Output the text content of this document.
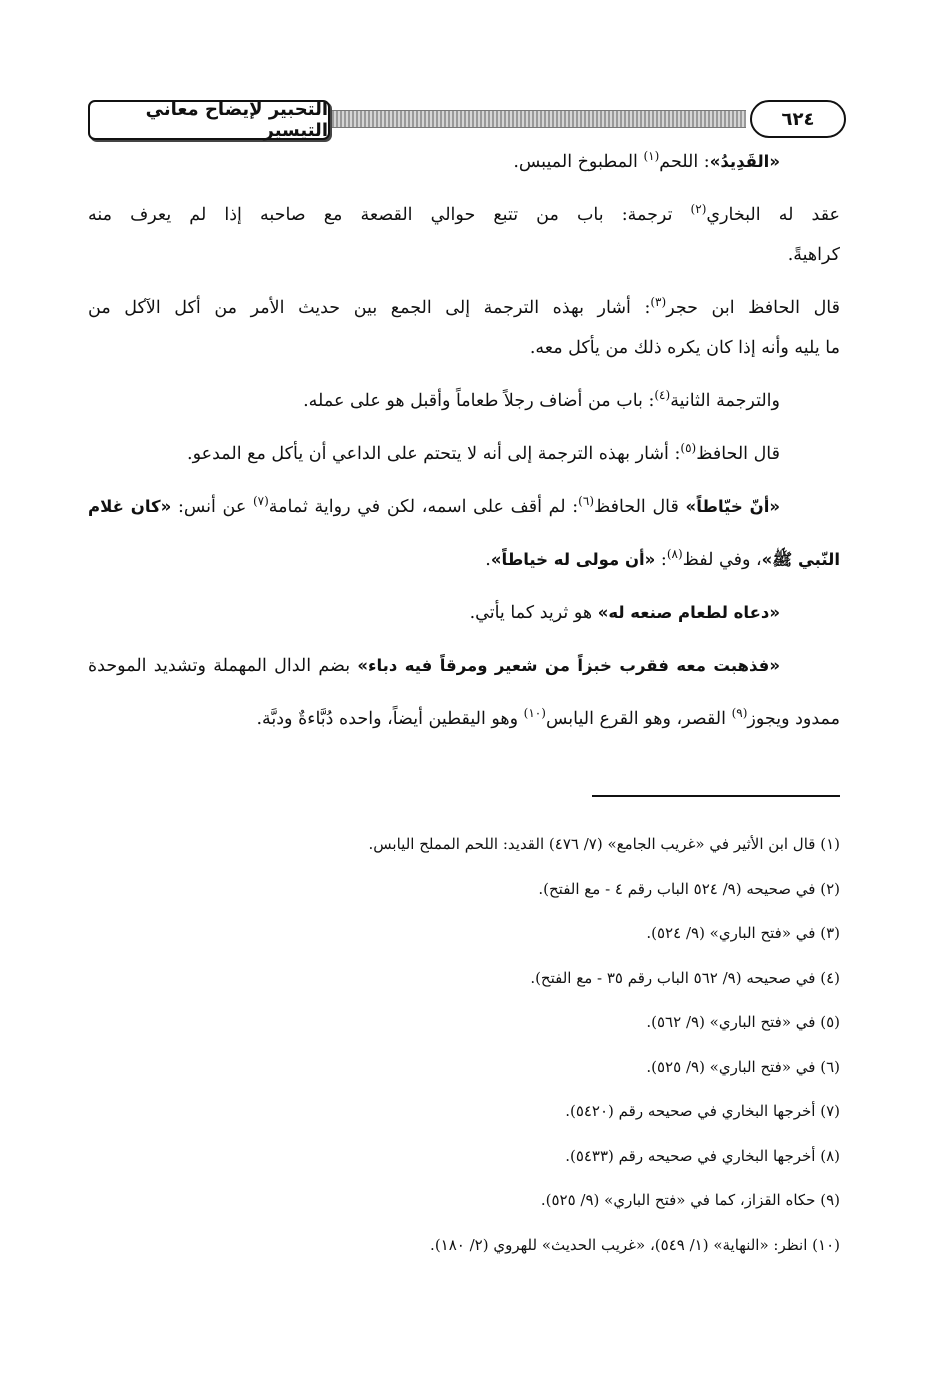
التحبير لإيضاح معاني التيسير
٦٢٤
«القَدِيدُ»: اللحم$^{(١)}$ المطبوخ الميبس.
عقد له البخاري$^{(٢)}$ ترجمة: باب من تتبع حوالي القصعة مع صاحبه إذا لم يعرف منه
كراهيةً.
قال الحافظ ابن حجر$^{(٣)}$: أشار بهذه الترجمة إلى الجمع بين حديث الأمر من أكل الآكل من
ما يليه وأنه إذا كان يكره ذلك من يأكل معه.
والترجمة الثانية$^{(٤)}$: باب من أضاف رجلاً طعاماً وأقبل هو على عمله.
قال الحافظ$^{(٥)}$: أشار بهذه الترجمة إلى أنه لا يتحتم على الداعي أن يأكل مع المدعو.
«أنّ خيّاطاً» قال الحافظ$^{(٦)}$: لم أقف على اسمه، لكن في رواية ثمامة$^{(٧)}$ عن أنس: «كان غلام
النّبي ﷺ»، وفي لفظ$^{(٨)}$: «أن مولى له خياطاً».
«دعاه لطعام صنعه له» هو ثريد كما يأتي.
«فذهبت معه فقرب خبزاً من شعير ومرقاً فيه دباء» بضم الدال المهملة وتشديد الموحدة
ممدود ويجوز$^{(٩)}$ القصر، وهو القرع اليابس$^{(١٠)}$ وهو اليقطين أيضاً، واحده دُبَّاءةٌ ودبَّة.
(١) قال ابن الأثير في «غريب الجامع» (٧/ ٤٧٦) القديد: اللحم المملح اليابس.
(٢) في صحيحه (٩/ ٥٢٤ الباب رقم ٤ - مع الفتح).
(٣) في «فتح الباري» (٩/ ٥٢٤).
(٤) في صحيحه (٩/ ٥٦٢ الباب رقم ٣٥ - مع الفتح).
(٥) في «فتح الباري» (٩/ ٥٦٢).
(٦) في «فتح الباري» (٩/ ٥٢٥).
(٧) أخرجها البخاري في صحيحه رقم (٥٤٢٠).
(٨) أخرجها البخاري في صحيحه رقم (٥٤٣٣).
(٩) حكاه القزاز، كما في «فتح الباري» (٩/ ٥٢٥).
(١٠) انظر: «النهاية» (١/ ٥٤٩)، «غريب الحديث» للهروي (٢/ ١٨٠).
